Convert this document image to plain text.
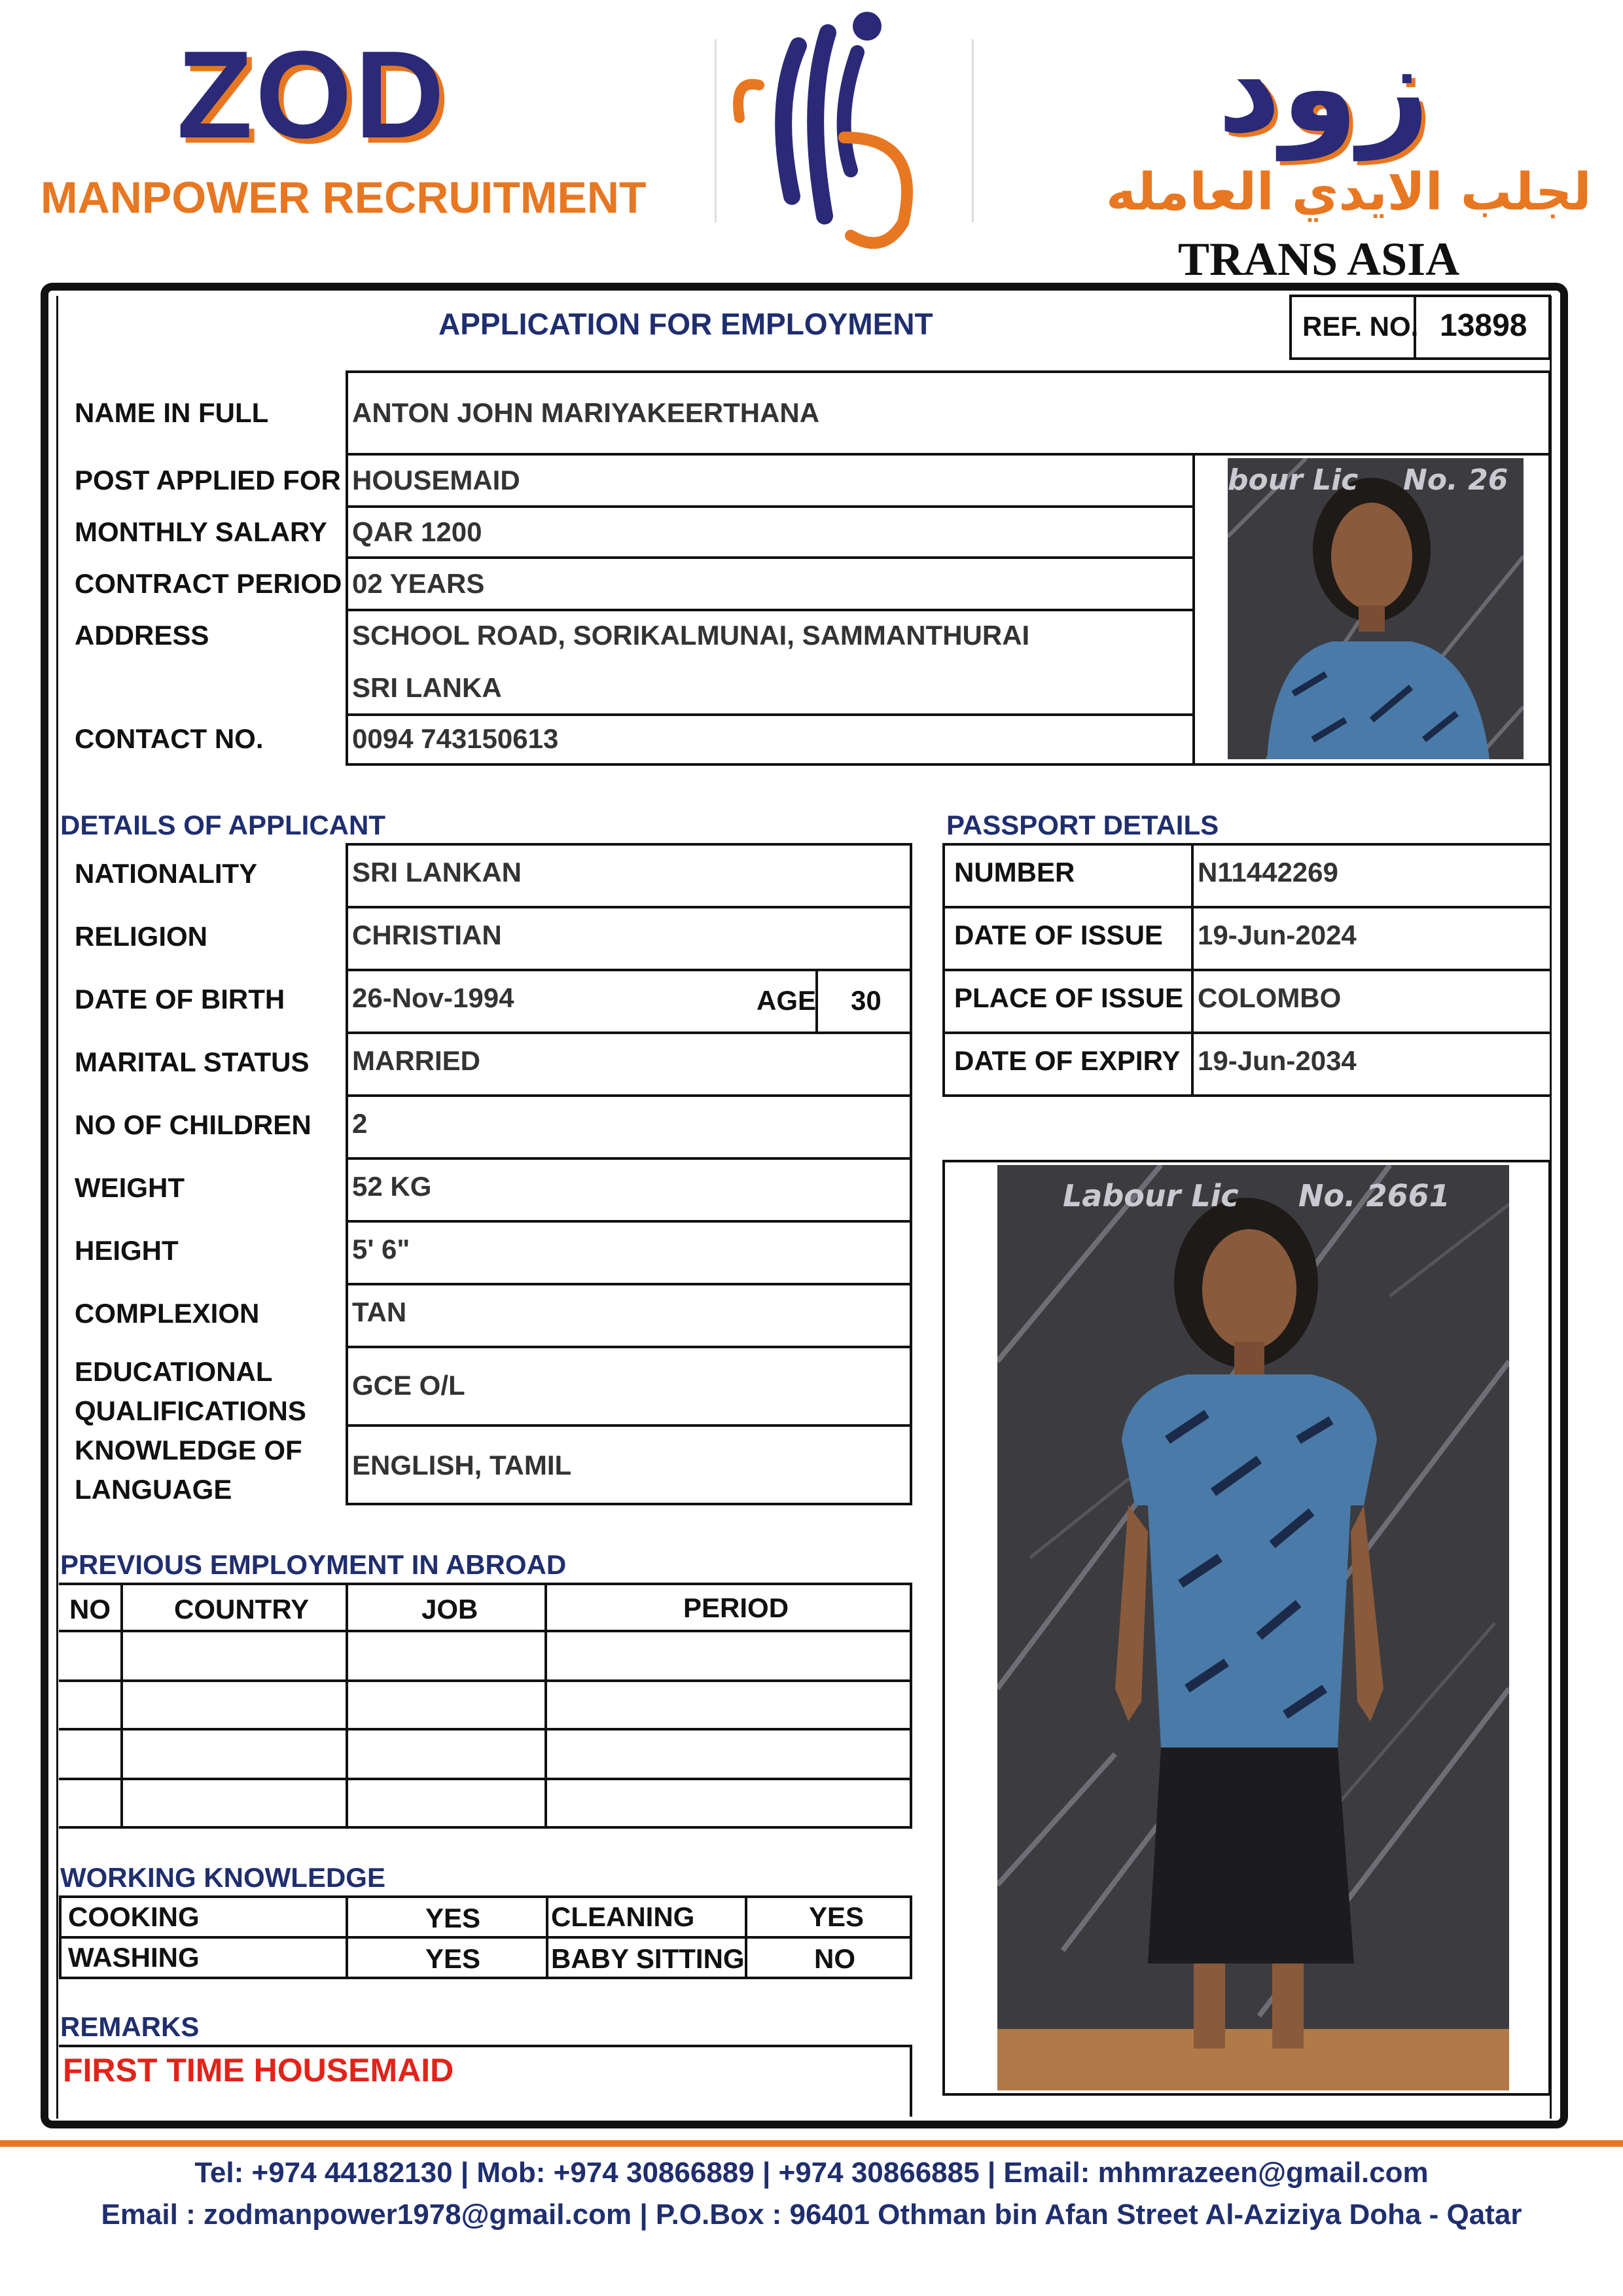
ZOD
MANPOWER RECRUITMENT
زود
لجلب الايدي العامله
TRANS ASIA
APPLICATION FOR EMPLOYMENT	REF. NO. 13898
NAME IN FULL	ANTON JOHN MARIYAKEERTHANA
POST APPLIED FOR HOUSEMAID
MONTHLY SALARY QAR 1200
CONTRACT PERIOD 02 YEARS
ADDRESS	SCHOOL ROAD, SORIKALMUNAI, SAMMANTHURAI
SRI LANKA
CONTACT NO.	0094 743150613
bour Lic No. 26
DETAILS OF APPLICANT	PASSPORT DETAILS
NATIONALITY	SRI LANKAN
RELIGION	CHRISTIAN
DATE OF BIRTH 26-Nov-1994	AGE 30
MARITAL STATUS MARRIED
NO OF CHILDREN 2
WEIGHT	52 KG
HEIGHT	5' 6"
COMPLEXION	TAN
EDUCATIONAL QUALIFICATIONS
GCE O/L
KNOWLEDGE OF LANGUAGE
ENGLISH, TAMIL
NUMBER	N11442269
DATE OF ISSUE 19-Jun-2024
PLACE OF ISSUE COLOMBO
DATE OF EXPIRY 19-Jun-2034
Labour Lic No. 2661
PREVIOUS EMPLOYMENT IN ABROAD
NO COUNTRY	JOB	PERIOD
WORKING KNOWLEDGE
COOKING	YES	CLEANING	YES
WASHING	YES	BABY SITTING	NO
REMARKS
FIRST TIME HOUSEMAID
Tel: +974 44182130 | Mob: +974 30866889 | +974 30866885 | Email: mhmrazeen@gmail.com
Email : zodmanpower1978@gmail.com | P.O.Box : 96401 Othman bin Afan Street Al-Aziziya Doha - Qatar
